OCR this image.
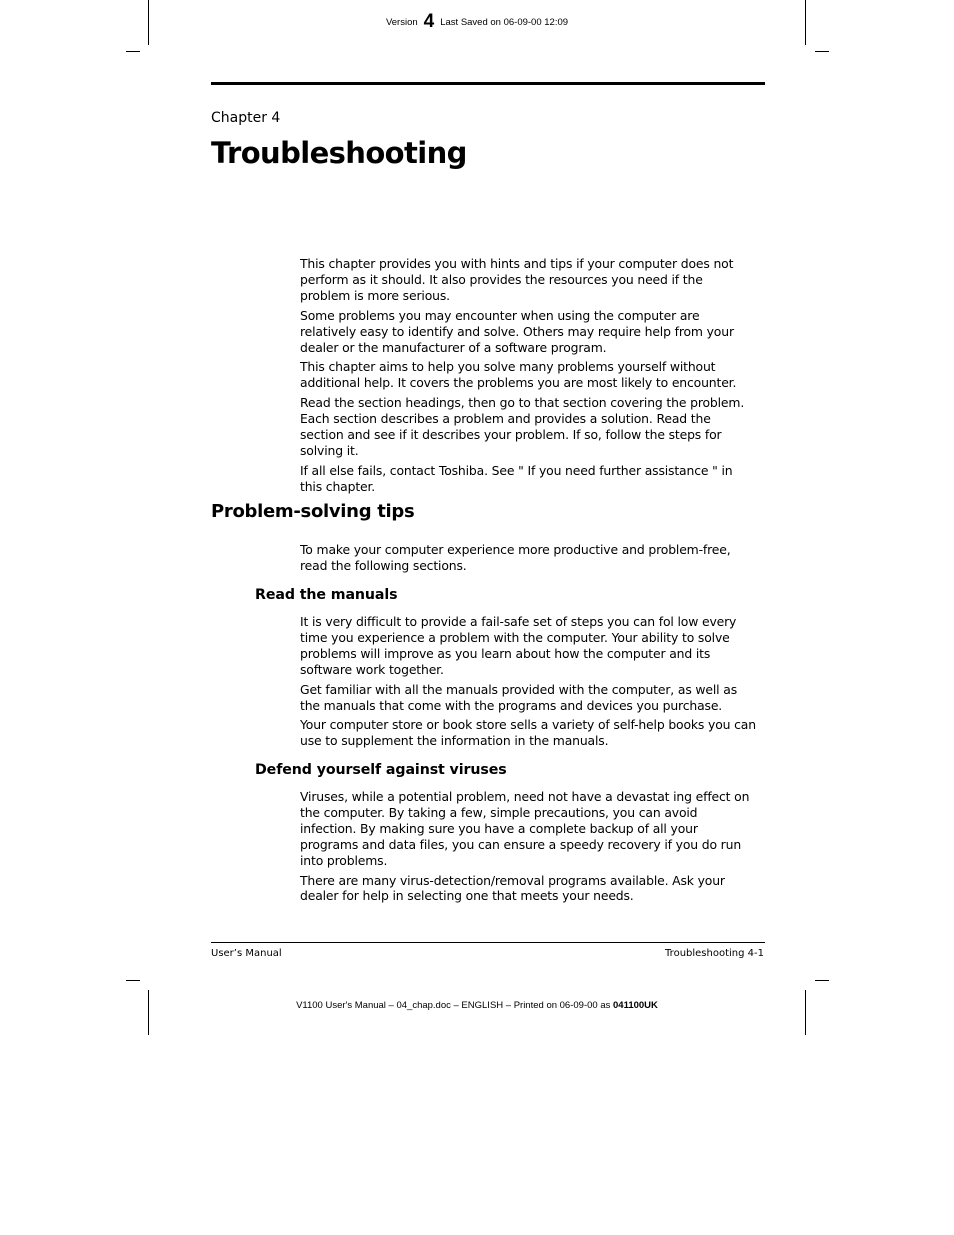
Version 4 Last Saved on 06-09-00 12:09
Chapter 4
Troubleshooting

This chapter provides you with hints and tips if your computer does not perform as it should. It also provides the resources you need if the problem is more serious.

Some problems you may encounter when using the computer are relatively easy to identify and solve. Others may require help from your dealer or the manufacturer of a software program.

This chapter aims to help you solve many problems yourself without additional help. It covers the problems you are most likely to encounter.

Read the section headings, then go to that section covering the problem. Each section describes a problem and provides a solution. Read the section and see if it describes your problem. If so, follow the steps for solving it.

If all else fails, contact Toshiba. See " If you need further assistance " in this chapter.

Problem-solving tips

To make your computer experience more productive and problem-free, read the following sections.

Read the manuals

It is very difficult to provide a fail-safe set of steps you can fol low every time you experience a problem with the computer. Your ability to solve problems will improve as you learn about how the computer and its software work together.

Get familiar with all the manuals provided with the computer, as well as the manuals that come with the programs and devices you purchase.

Your computer store or book store sells a variety of self-help books you can use to supplement the information in the manuals.

Defend yourself against viruses

Viruses, while a potential problem, need not have a devastat ing effect on the computer. By taking a few, simple precautions, you can avoid infection. By making sure you have a complete backup of all your programs and data files, you can ensure a speedy recovery if you do run into problems.

There are many virus-detection/removal programs available. Ask your dealer for help in selecting one that meets your needs.

User’s Manual	Troubleshooting 4-1
V1100 User's Manual – 04_chap.doc – ENGLISH – Printed on 06-09-00 as 041100UK
